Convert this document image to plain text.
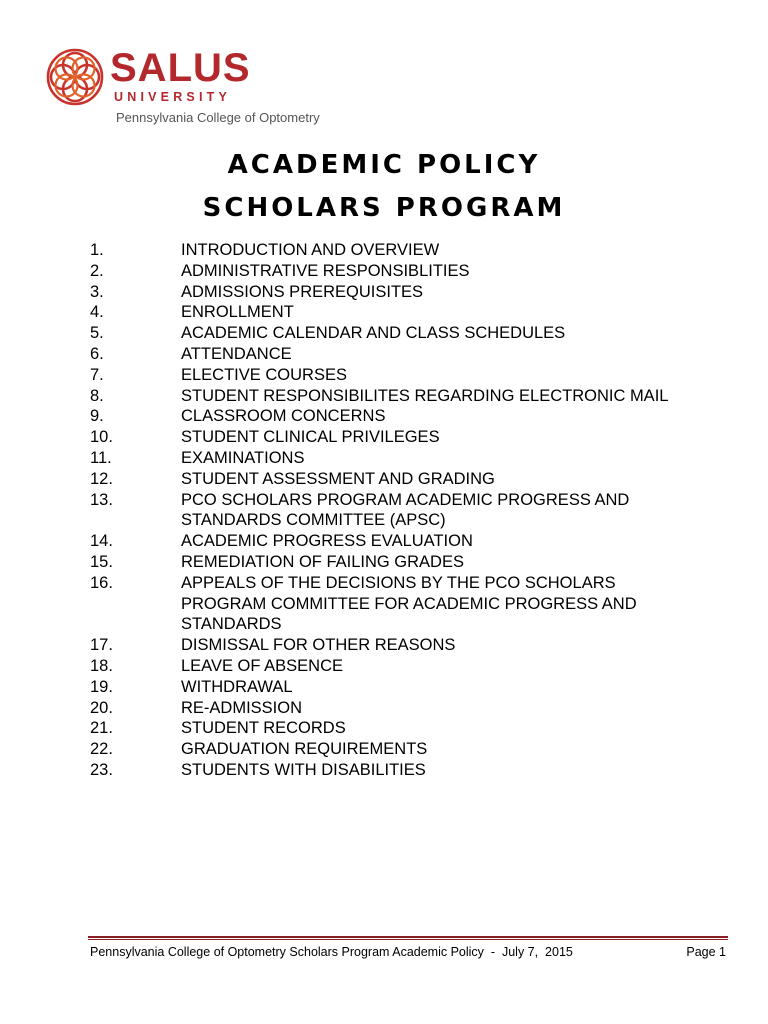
SALUS
UNIVERSITY
Pennsylvania College of Optometry
ACADEMIC POLICY
SCHOLARS PROGRAM
1.	INTRODUCTION AND OVERVIEW
2.	ADMINISTRATIVE RESPONSIBLITIES
3.	ADMISSIONS PREREQUISITES
4.	ENROLLMENT
5.	ACADEMIC CALENDAR AND CLASS SCHEDULES
6.	ATTENDANCE
7.	ELECTIVE COURSES
8.	STUDENT RESPONSIBILITES REGARDING ELECTRONIC MAIL
9.	CLASSROOM CONCERNS
10.	STUDENT CLINICAL PRIVILEGES
11.	EXAMINATIONS
12.	STUDENT ASSESSMENT AND GRADING
13.	PCO SCHOLARS PROGRAM ACADEMIC PROGRESS AND STANDARDS COMMITTEE (APSC)
14.	ACADEMIC PROGRESS EVALUATION
15.	REMEDIATION OF FAILING GRADES
16.	APPEALS OF THE DECISIONS BY THE PCO SCHOLARS PROGRAM COMMITTEE FOR ACADEMIC PROGRESS AND STANDARDS
17.	DISMISSAL FOR OTHER REASONS
18.	LEAVE OF ABSENCE
19.	WITHDRAWAL
20.	RE-ADMISSION
21.	STUDENT RECORDS
22.	GRADUATION REQUIREMENTS
23.	STUDENTS WITH DISABILITIES
Pennsylvania College of Optometry Scholars Program Academic Policy  -  July 7,  2015	Page 1
